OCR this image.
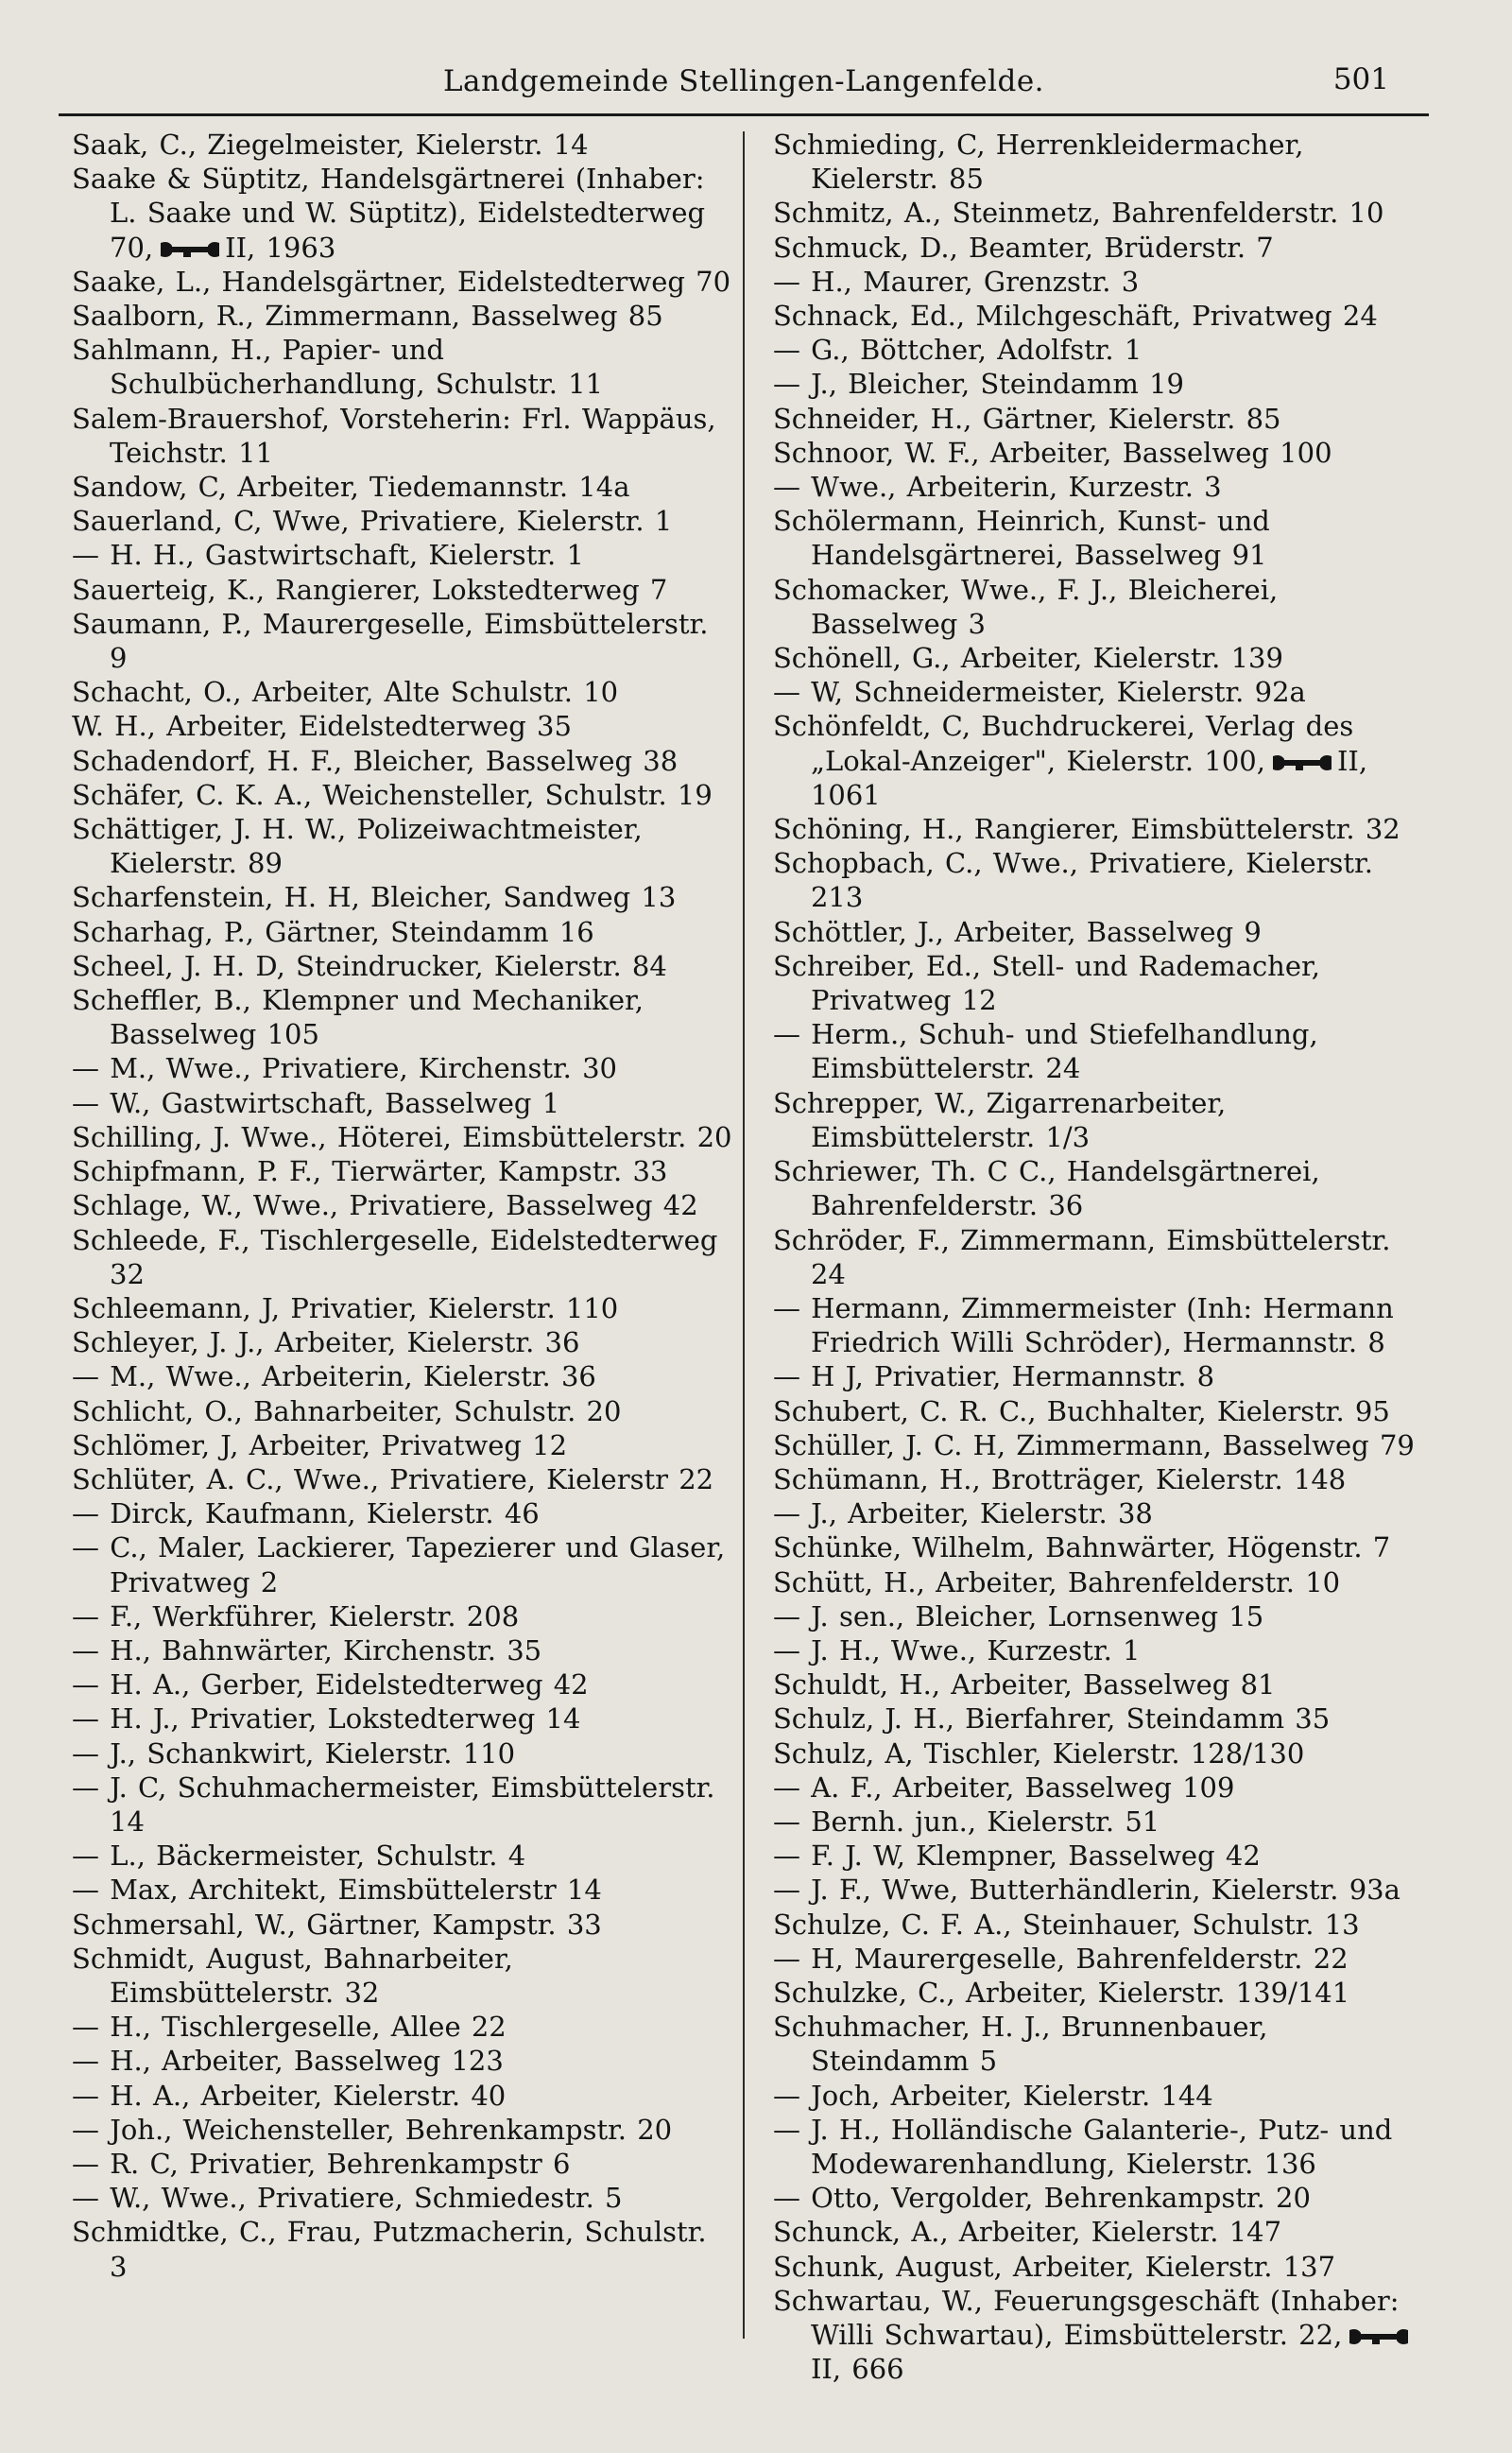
Landgemeinde Stellingen-Langenfelde.	501
Saak, C., Ziegelmeister, Kielerstr. 14
Saake & Süptitz, Handelsgärtnerei (Inhaber: L. Saake und W. Süptitz), Eidelstedterweg 70,	II, 1963
Saake, L., Handelsgärtner, Eidelstedterweg 70
Saalborn, R., Zimmermann, Basselweg 85
Sahlmann, H., Papier- und Schulbücherhandlung, Schulstr. 11
Salem-Brauershof, Vorsteherin: Frl. Wappäus, Teichstr. 11
Sandow, C, Arbeiter, Tiedemannstr. 14a
Sauerland, C, Wwe, Privatiere, Kielerstr. 1
— H. H., Gastwirtschaft, Kielerstr. 1
Sauerteig, K., Rangierer, Lokstedterweg 7
Saumann, P., Maurergeselle, Eimsbüttelerstr. 9
Schacht, O., Arbeiter, Alte Schulstr. 10
W. H., Arbeiter, Eidelstedterweg 35
Schadendorf, H. F., Bleicher, Basselweg 38
Schäfer, C. K. A., Weichensteller, Schulstr. 19
Schättiger, J. H. W., Polizeiwachtmeister, Kielerstr. 89
Scharfenstein, H. H, Bleicher, Sandweg 13
Scharhag, P., Gärtner, Steindamm 16
Scheel, J. H. D, Steindrucker, Kielerstr. 84
Scheffler, B., Klempner und Mechaniker, Basselweg 105
— M., Wwe., Privatiere, Kirchenstr. 30
— W., Gastwirtschaft, Basselweg 1
Schilling, J. Wwe., Höterei, Eimsbüttelerstr. 20
Schipfmann, P. F., Tierwärter, Kampstr. 33
Schlage, W., Wwe., Privatiere, Basselweg 42
Schleede, F., Tischlergeselle, Eidelstedterweg 32
Schleemann, J, Privatier, Kielerstr. 110
Schleyer, J. J., Arbeiter, Kielerstr. 36
— M., Wwe., Arbeiterin, Kielerstr. 36
Schlicht, O., Bahnarbeiter, Schulstr. 20
Schlömer, J, Arbeiter, Privatweg 12
Schlüter, A. C., Wwe., Privatiere, Kielerstr 22
— Dirck, Kaufmann, Kielerstr. 46
— C., Maler, Lackierer, Tapezierer und Glaser, Privatweg 2
— F., Werkführer, Kielerstr. 208
— H., Bahnwärter, Kirchenstr. 35
— H. A., Gerber, Eidelstedterweg 42
— H. J., Privatier, Lokstedterweg 14
— J., Schankwirt, Kielerstr. 110
— J. C, Schuhmachermeister, Eimsbüttelerstr. 14
— L., Bäckermeister, Schulstr. 4
— Max, Architekt, Eimsbüttelerstr 14
Schmersahl, W., Gärtner, Kampstr. 33
Schmidt, August, Bahnarbeiter, Eimsbüttelerstr. 32
— H., Tischlergeselle, Allee 22
— H., Arbeiter, Basselweg 123
— H. A., Arbeiter, Kielerstr. 40
— Joh., Weichensteller, Behrenkampstr. 20
— R. C, Privatier, Behrenkampstr 6
— W., Wwe., Privatiere, Schmiedestr. 5
Schmidtke, C., Frau, Putzmacherin, Schulstr. 3
Schmieding, C, Herrenkleidermacher, Kielerstr. 85
Schmitz, A., Steinmetz, Bahrenfelderstr. 10
Schmuck, D., Beamter, Brüderstr. 7
— H., Maurer, Grenzstr. 3
Schnack, Ed., Milchgeschäft, Privatweg 24
— G., Böttcher, Adolfstr. 1
— J., Bleicher, Steindamm 19
Schneider, H., Gärtner, Kielerstr. 85
Schnoor, W. F., Arbeiter, Basselweg 100
— Wwe., Arbeiterin, Kurzestr. 3
Schölermann, Heinrich, Kunst- und Handelsgärtnerei, Basselweg 91
Schomacker, Wwe., F. J., Bleicherei, Basselweg 3
Schönell, G., Arbeiter, Kielerstr. 139
— W, Schneidermeister, Kielerstr. 92a
Schönfeldt, C, Buchdruckerei, Verlag des „Lokal-Anzeiger", Kielerstr. 100,	II, 1061
Schöning, H., Rangierer, Eimsbüttelerstr. 32
Schopbach, C., Wwe., Privatiere, Kielerstr. 213
Schöttler, J., Arbeiter, Basselweg 9
Schreiber, Ed., Stell- und Rademacher, Privatweg 12
— Herm., Schuh- und Stiefelhandlung, Eimsbüttelerstr. 24
Schrepper, W., Zigarrenarbeiter, Eimsbüttelerstr. 1/3
Schriewer, Th. C C., Handelsgärtnerei, Bahrenfelderstr. 36
Schröder, F., Zimmermann, Eimsbüttelerstr. 24
— Hermann, Zimmermeister (Inh: Hermann Friedrich Willi Schröder), Hermannstr. 8
— H J, Privatier, Hermannstr. 8
Schubert, C. R. C., Buchhalter, Kielerstr. 95
Schüller, J. C. H, Zimmermann, Basselweg 79
Schümann, H., Brotträger, Kielerstr. 148
— J., Arbeiter, Kielerstr. 38
Schünke, Wilhelm, Bahnwärter, Högenstr. 7
Schütt, H., Arbeiter, Bahrenfelderstr. 10
— J. sen., Bleicher, Lornsenweg 15
— J. H., Wwe., Kurzestr. 1
Schuldt, H., Arbeiter, Basselweg 81
Schulz, J. H., Bierfahrer, Steindamm 35
Schulz, A, Tischler, Kielerstr. 128/130
— A. F., Arbeiter, Basselweg 109
— Bernh. jun., Kielerstr. 51
— F. J. W, Klempner, Basselweg 42
— J. F., Wwe, Butterhändlerin, Kielerstr. 93a
Schulze, C. F. A., Steinhauer, Schulstr. 13
— H, Maurergeselle, Bahrenfelderstr. 22
Schulzke, C., Arbeiter, Kielerstr. 139/141
Schuhmacher, H. J., Brunnenbauer, Steindamm 5
— Joch, Arbeiter, Kielerstr. 144
— J. H., Holländische Galanterie-, Putz- und Modewarenhandlung, Kielerstr. 136
— Otto, Vergolder, Behrenkampstr. 20
Schunck, A., Arbeiter, Kielerstr. 147
Schunk, August, Arbeiter, Kielerstr. 137
Schwartau, W., Feuerungsgeschäft (Inhaber: Willi Schwartau), Eimsbüttelerstr. 22,II, 666
